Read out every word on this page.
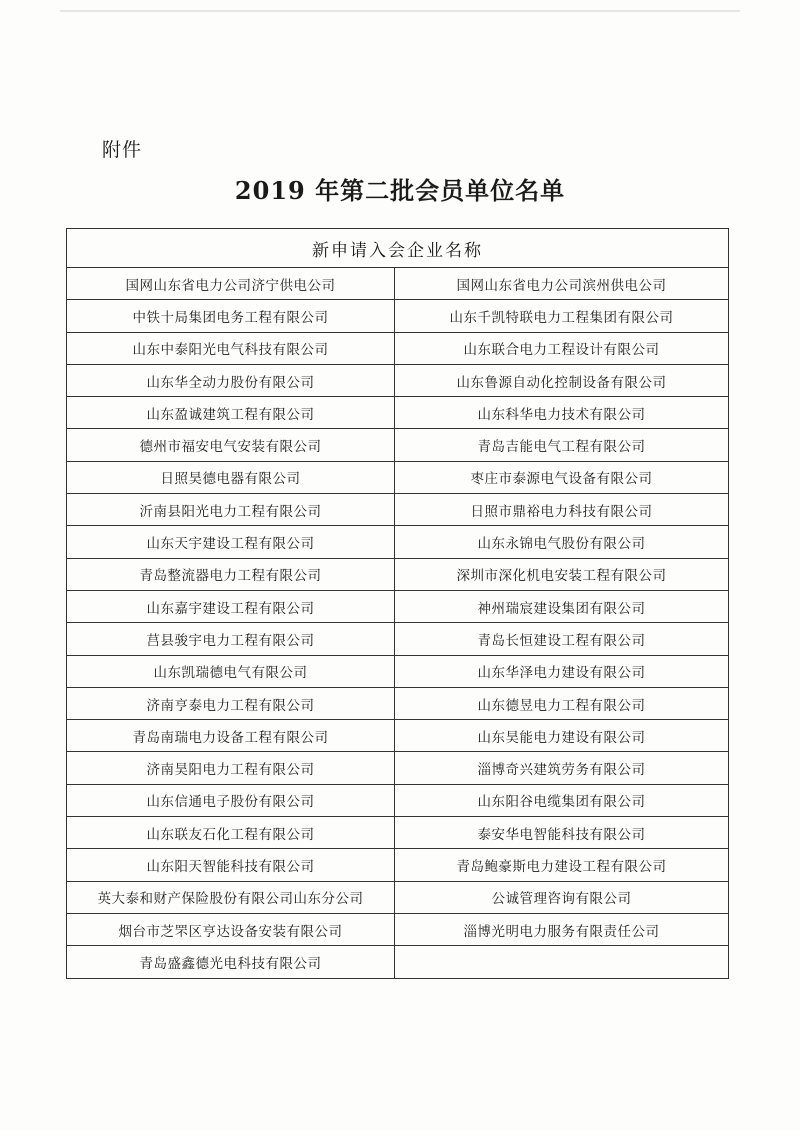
附件
2019 年第二批会员单位名单
新申请入会企业名称	
国网山东省电力公司济宁供电公司	国网山东省电力公司滨州供电公司
中铁十局集团电务工程有限公司	山东千凯特联电力工程集团有限公司
山东中泰阳光电气科技有限公司	山东联合电力工程设计有限公司
山东华全动力股份有限公司	山东鲁源自动化控制设备有限公司
山东盈诚建筑工程有限公司	山东科华电力技术有限公司
德州市福安电气安装有限公司	青岛吉能电气工程有限公司
日照昊德电器有限公司	枣庄市泰源电气设备有限公司
沂南县阳光电力工程有限公司	日照市鼎裕电力科技有限公司
山东天宇建设工程有限公司	山东永锦电气股份有限公司
青岛整流器电力工程有限公司	深圳市深化机电安装工程有限公司
山东嘉宇建设工程有限公司	神州瑞宸建设集团有限公司
莒县骏宇电力工程有限公司	青岛长恒建设工程有限公司
山东凯瑞德电气有限公司	山东华泽电力建设有限公司
济南亨泰电力工程有限公司	山东德昱电力工程有限公司
青岛南瑞电力设备工程有限公司	山东昊能电力建设有限公司
济南昊阳电力工程有限公司	淄博奇兴建筑劳务有限公司
山东信通电子股份有限公司	山东阳谷电缆集团有限公司
山东联友石化工程有限公司	泰安华电智能科技有限公司
山东阳天智能科技有限公司	青岛鲍豪斯电力建设工程有限公司
英大泰和财产保险股份有限公司山东分公司	公诚管理咨询有限公司
烟台市芝罘区亨达设备安装有限公司	淄博光明电力服务有限责任公司
青岛盛鑫德光电科技有限公司	
